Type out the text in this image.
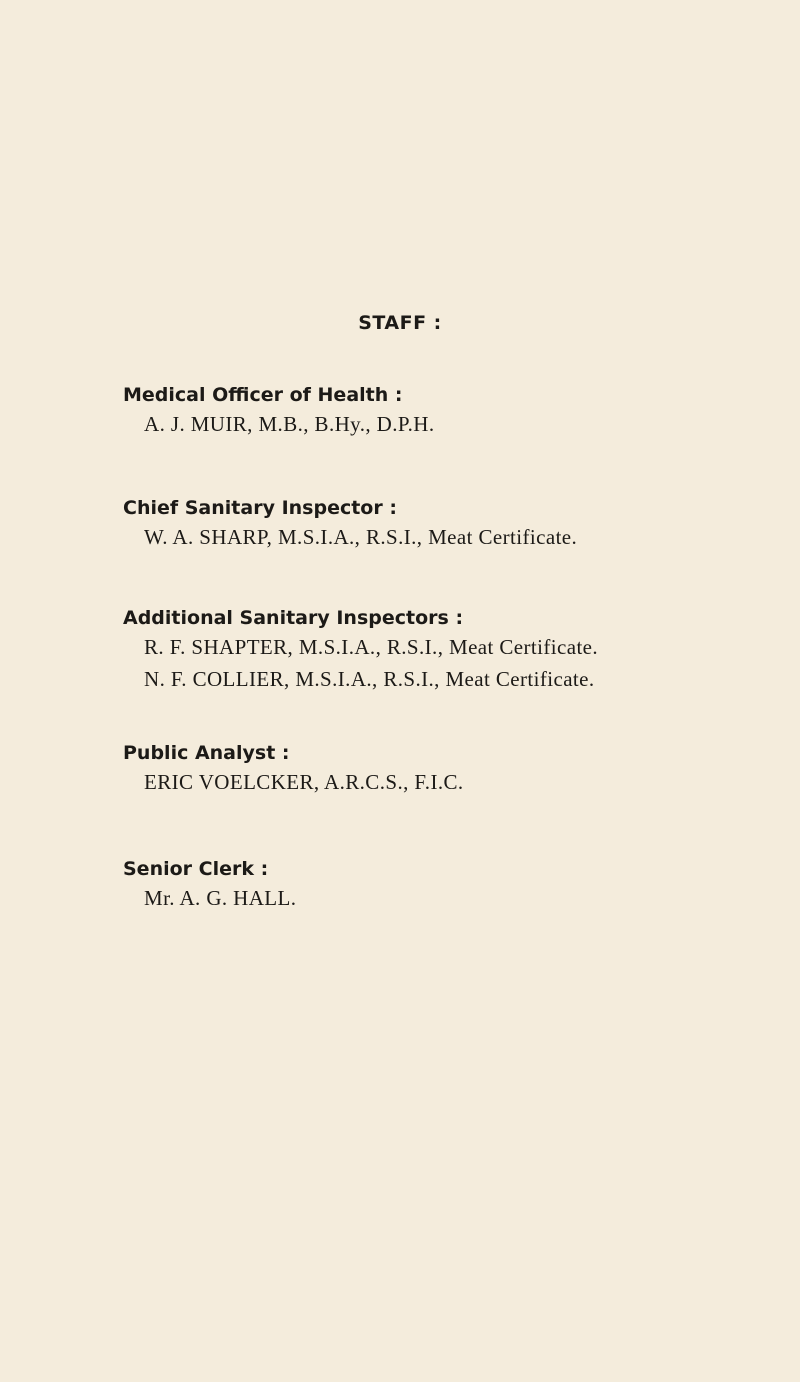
STAFF :

Medical Officer of Health :

A. J. MUIR, M.B., B.Hy., D.P.H.

Chief Sanitary Inspector :

W. A. SHARP, M.S.I.A., R.S.I., Meat Certificate.

Additional Sanitary Inspectors :

R. F. SHAPTER, M.S.I.A., R.S.I., Meat Certificate.

N. F. COLLIER, M.S.I.A., R.S.I., Meat Certificate.

Public Analyst :

ERIC VOELCKER, A.R.C.S., F.I.C.

Senior Clerk :

Mr. A. G. HALL.
